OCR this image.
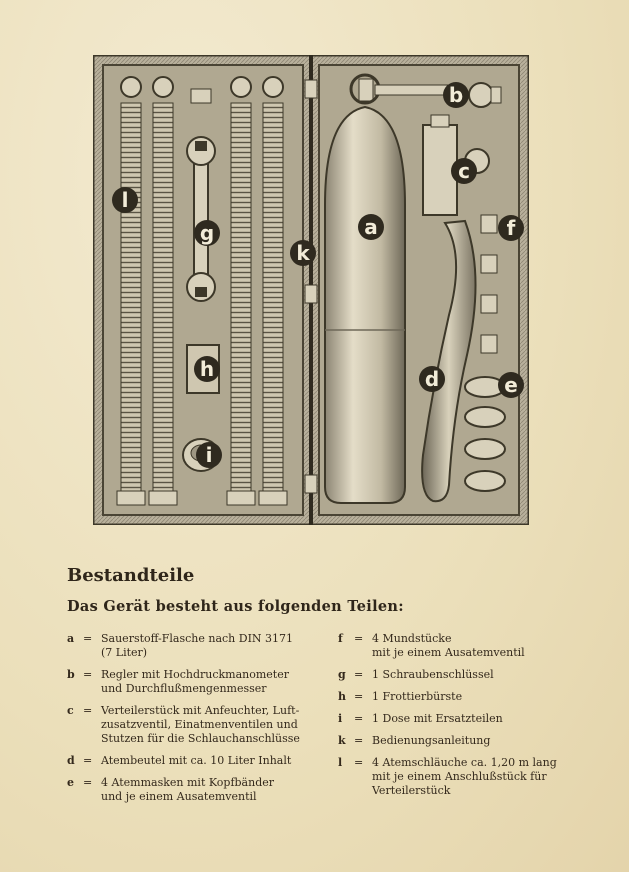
a
b
c
d	e
f
g
h
i
k
l
Bestandteile
Das Gerät besteht aus folgenden Teilen:
a = Sauerstoff-Flasche nach DIN 3171
(7 Liter)
b = Regler mit Hochdruckmanometer
und Durchflußmengenmesser
c = Verteilerstück mit Anfeuchter, Luft-
zusatzventil, Einatmenventilen und
Stutzen für die Schlauchanschlüsse
d = Atembeutel mit ca. 10 Liter Inhalt
e = 4 Atemmasken mit Kopfbänder
und je einem Ausatemventil
f	= 4 Mundstücke
mit je einem Ausatemventil
g = 1 Schraubenschlüssel
h = 1 Frottierbürste
i	= 1 Dose mit Ersatzteilen
k = Bedienungsanleitung
l	= 4 Atemschläuche ca. 1,20 m lang
mit je einem Anschlußstück für
Verteilerstück
